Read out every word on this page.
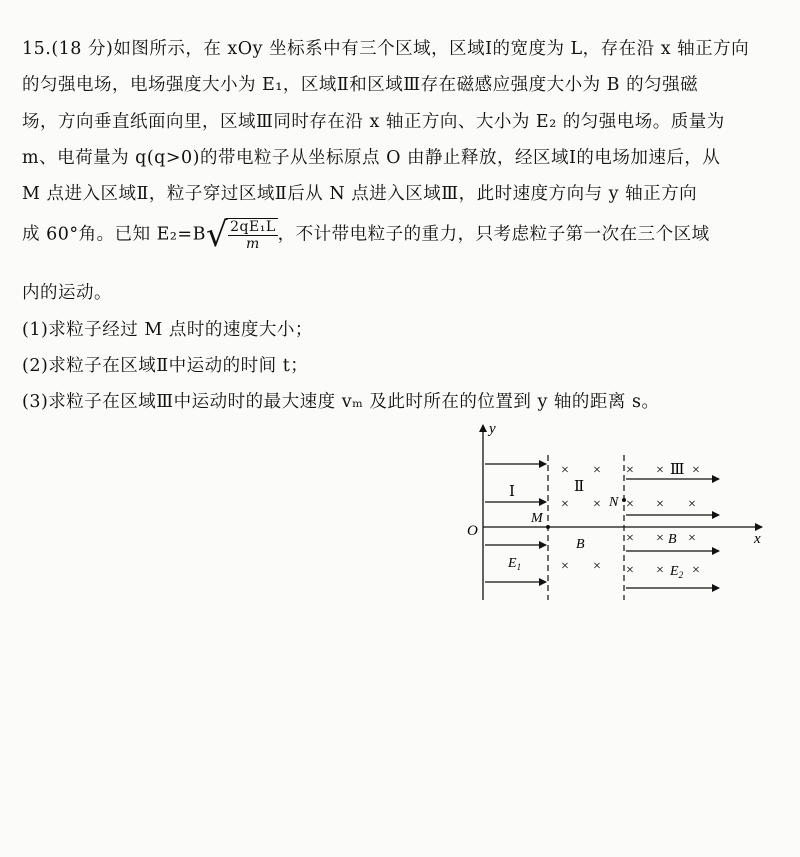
15.(18 分)如图所示，在 xOy 坐标系中有三个区域，区域Ⅰ的宽度为 L，存在沿 x 轴正方向
的匀强电场，电场强度大小为 E₁，区域Ⅱ和区域Ⅲ存在磁感应强度大小为 B 的匀强磁
场，方向垂直纸面向里，区域Ⅲ同时存在沿 x 轴正方向、大小为 E₂ 的匀强电场。质量为
m、电荷量为 q(q>0)的带电粒子从坐标原点 O 由静止释放，经区域Ⅰ的电场加速后，从
M 点进入区域Ⅱ，粒子穿过区域Ⅱ后从 N 点进入区域Ⅲ，此时速度方向与 y 轴正方向
成 60°角。已知 $E_2=B√ \frac{\text{2qE₁L}}{m}$ ，不计带电粒子的重力，只考虑粒子第一次在三个区域
内的运动。
(1)求粒子经过 M 点时的速度大小；
(2)求粒子在区域Ⅱ中运动的时间 t；
(3)求粒子在区域Ⅲ中运动时的最大速度 vₘ 及此时所在的位置到 y 轴的距离 s。
y
x
O
Ⅰ
$E_1$
× ×
× ×
× ×
Ⅱ
B
M
N
× × ×
× × ×
× × ×
× × ×
Ⅲ
B
$E_2$
